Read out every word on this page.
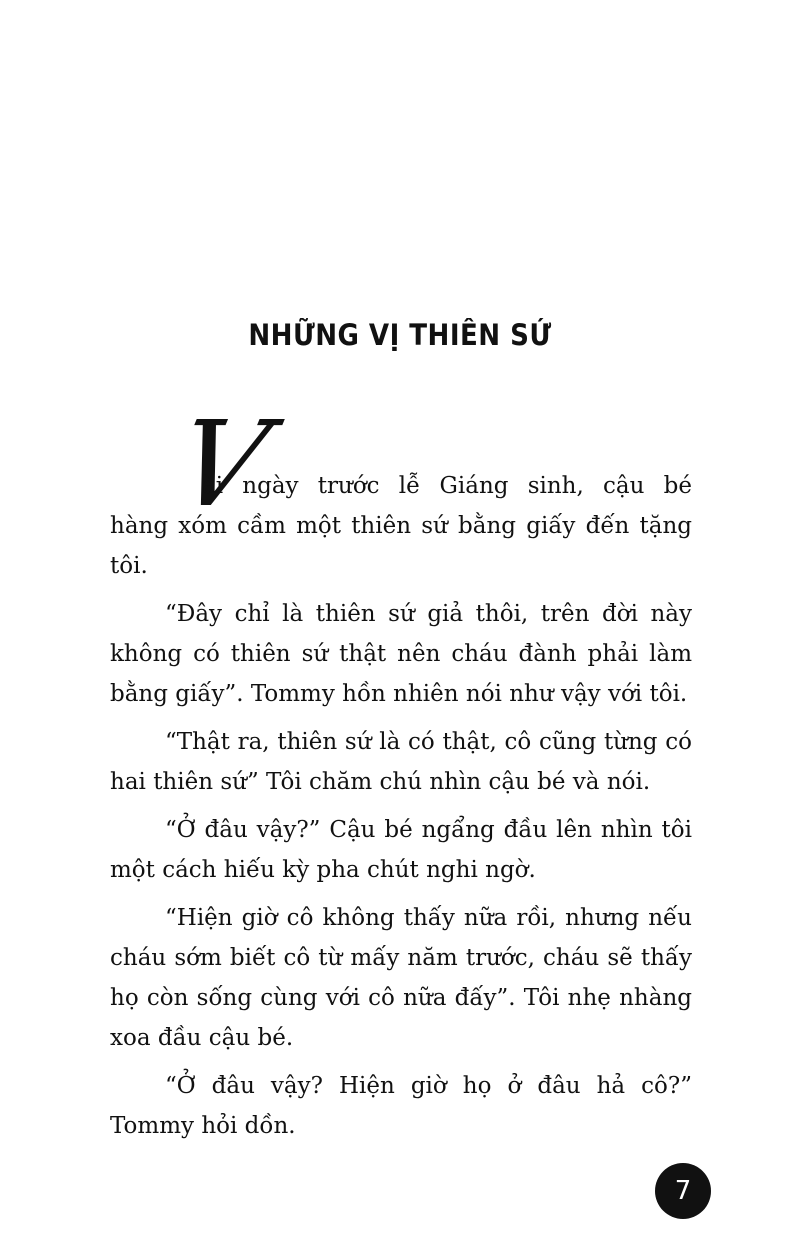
NHỮNG VỊ THIÊN SỨ
V

ài ngày trước lễ Giáng sinh, cậu bé
hàng xóm cầm một thiên sứ bằng giấy đến tặng tôi.

“Đây chỉ là thiên sứ giả thôi, trên đời này không có thiên sứ thật nên cháu đành phải làm bằng giấy”. Tommy hồn nhiên nói như vậy với tôi.

“Thật ra, thiên sứ là có thật, cô cũng từng có hai thiên sứ” Tôi chăm chú nhìn cậu bé và nói.

“Ở đâu vậy?” Cậu bé ngẩng đầu lên nhìn tôi một cách hiếu kỳ pha chút nghi ngờ.

“Hiện giờ cô không thấy nữa rồi, nhưng nếu cháu sớm biết cô từ mấy năm trước, cháu sẽ thấy họ còn sống cùng với cô nữa đấy”. Tôi nhẹ nhàng xoa đầu cậu bé.

“Ở đâu vậy? Hiện giờ họ ở đâu hả cô?” Tommy hỏi dồn.

7
